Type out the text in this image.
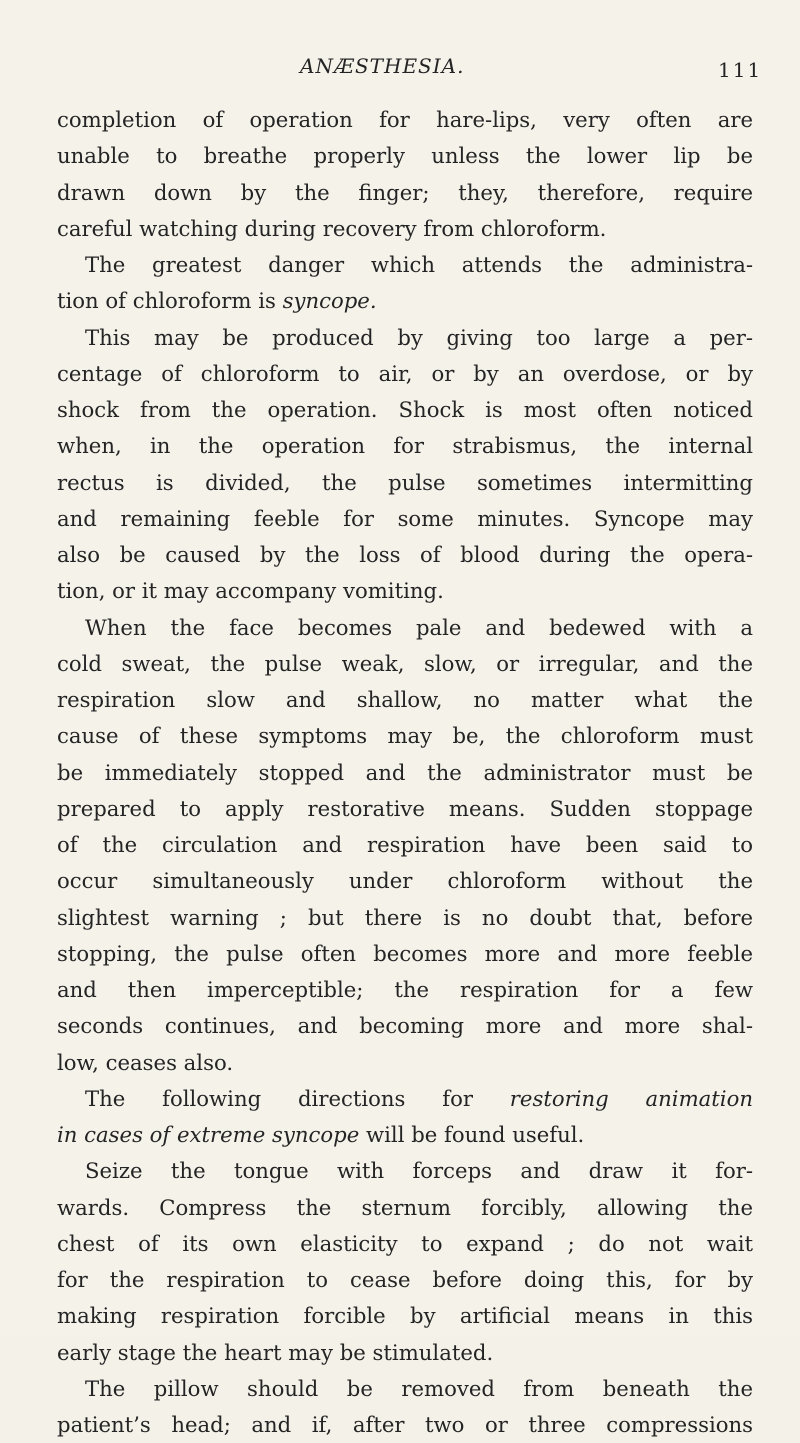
ANÆSTHESIA.	111
completion of operation for hare-lips, very often are
unable to breathe properly unless the lower lip be
drawn down by the finger; they, therefore, require
careful watching during recovery from chloroform.
The greatest danger which attends the administra-
tion of chloroform is syncope.
This may be produced by giving too large a per-
centage of chloroform to air, or by an overdose, or by
shock from the operation. Shock is most often noticed
when, in the operation for strabismus, the internal
rectus is divided, the pulse sometimes intermitting
and remaining feeble for some minutes. Syncope may
also be caused by the loss of blood during the opera-
tion, or it may accompany vomiting.
When the face becomes pale and bedewed with a
cold sweat, the pulse weak, slow, or irregular, and the
respiration slow and shallow, no matter what the
cause of these symptoms may be, the chloroform must
be immediately stopped and the administrator must be
prepared to apply restorative means. Sudden stoppage
of the circulation and respiration have been said to
occur simultaneously under chloroform without the
slightest warning ; but there is no doubt that, before
stopping, the pulse often becomes more and more feeble
and then imperceptible; the respiration for a few
seconds continues, and becoming more and more shal-
low, ceases also.
The following directions for restoring animation
in cases of extreme syncope will be found useful.
Seize the tongue with forceps and draw it for-
wards. Compress the sternum forcibly, allowing the
chest of its own elasticity to expand ; do not wait
for the respiration to cease before doing this, for by
making respiration forcible by artificial means in this
early stage the heart may be stimulated.
The pillow should be removed from beneath the
patient’s head; and if, after two or three compressions
